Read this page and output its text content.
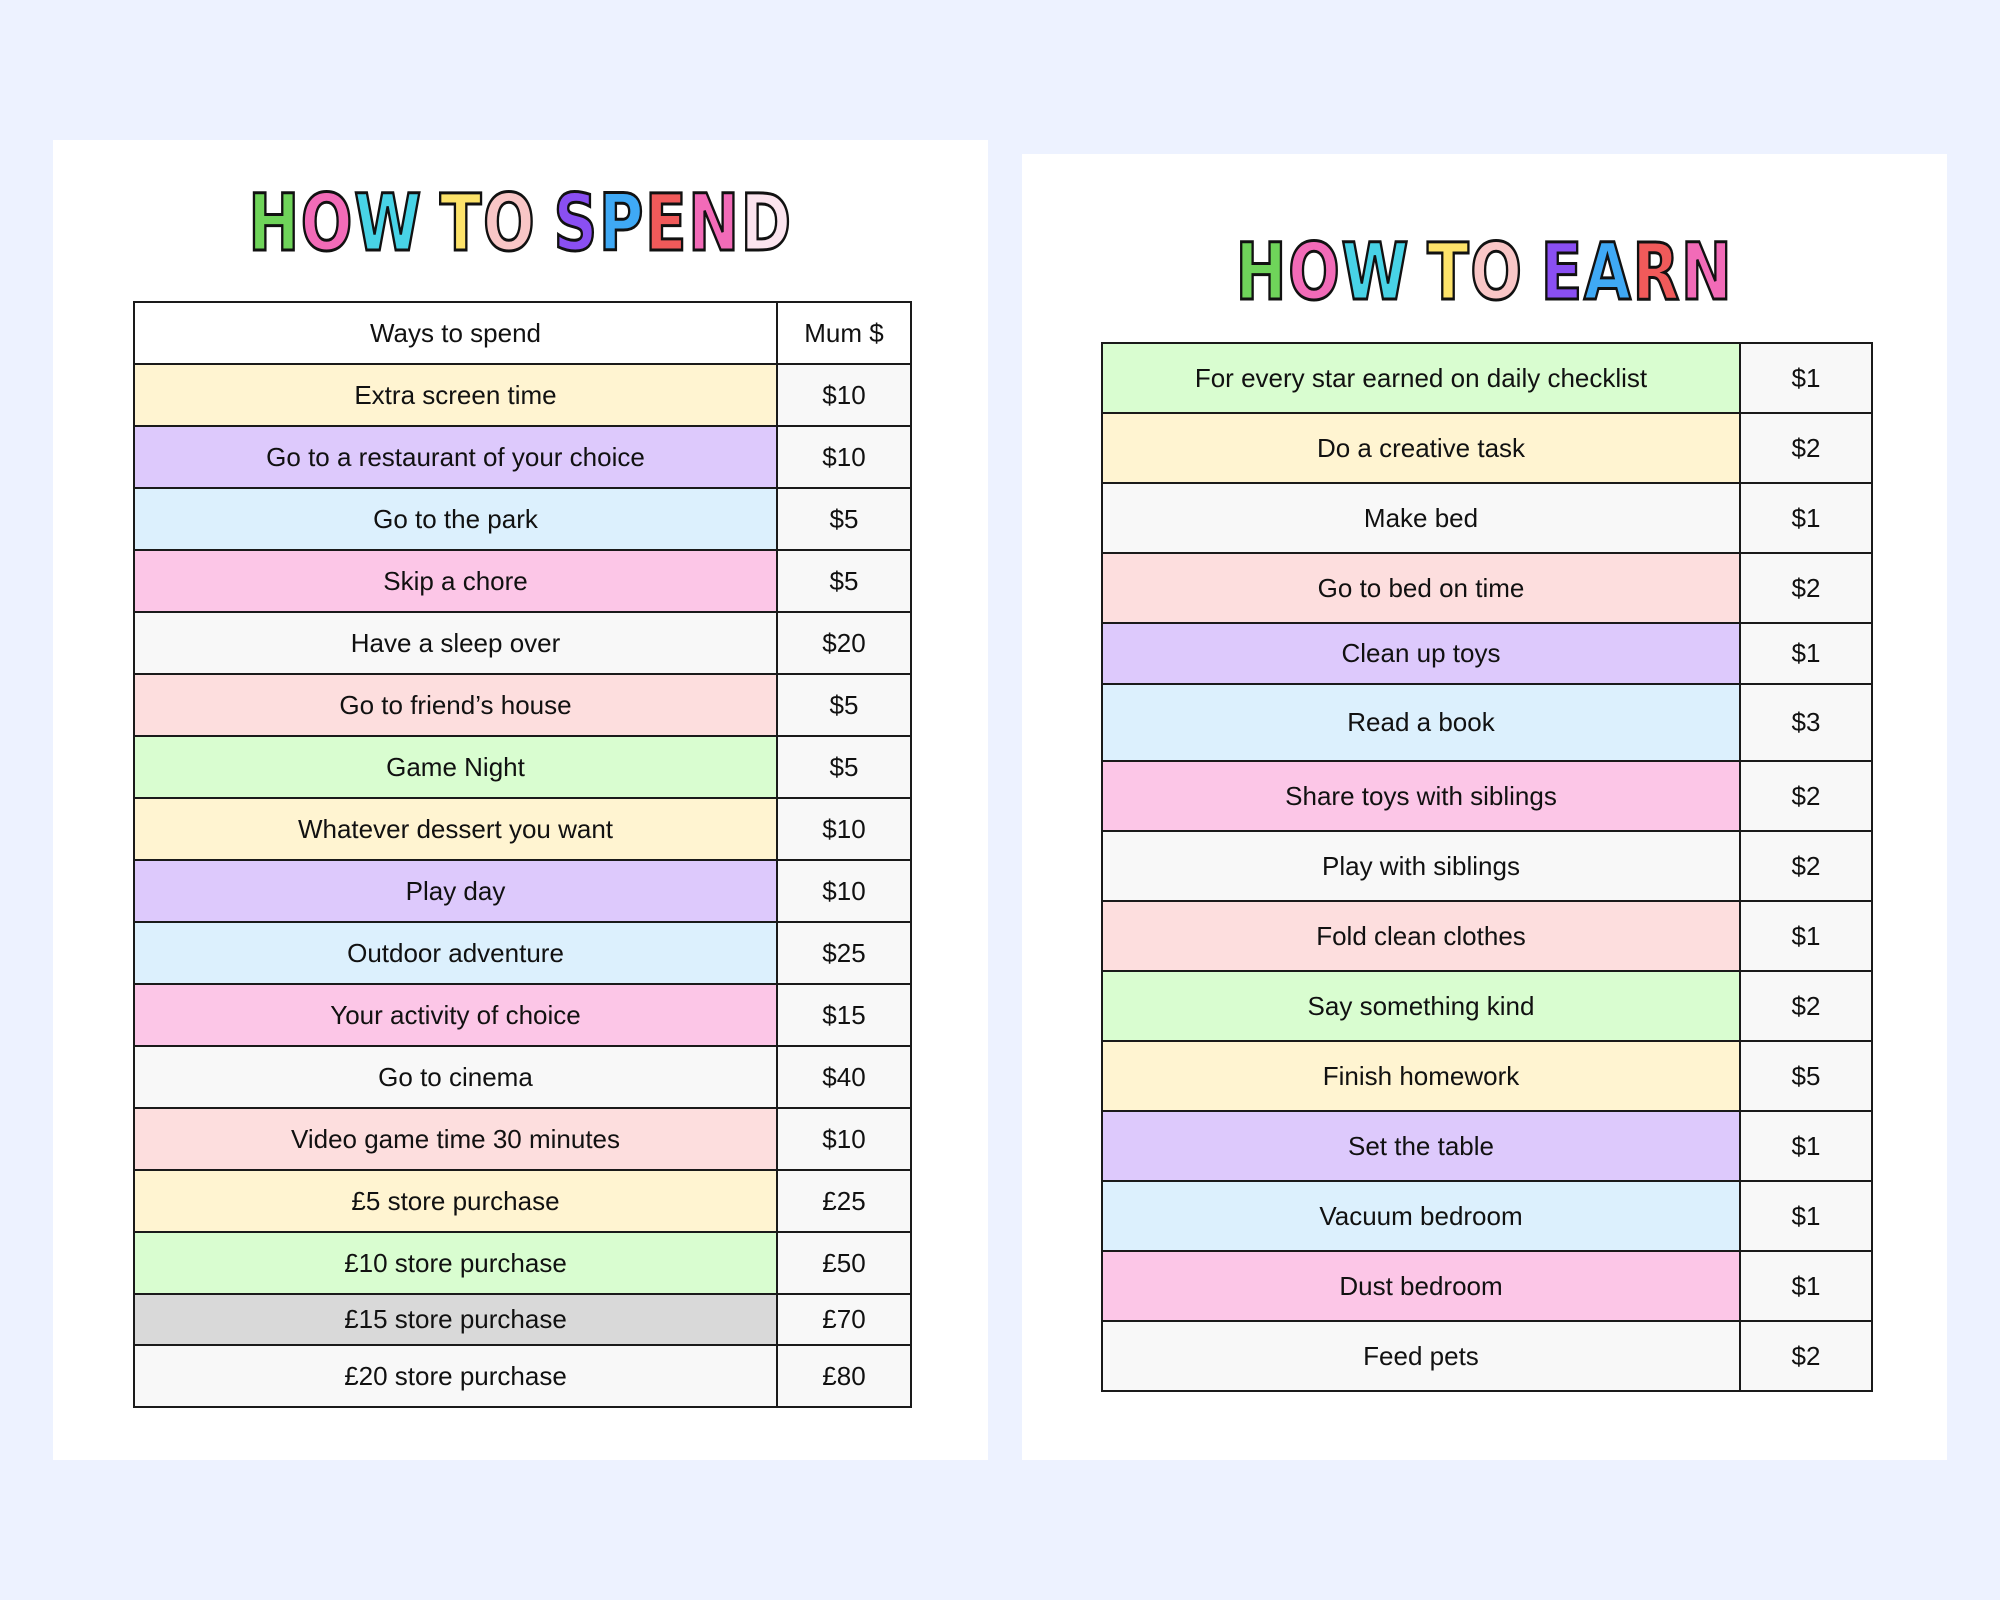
HOW TO SPEND
Ways to spend	Mum $
Extra screen time	$10
Go to a restaurant of your choice	$10
Go to the park	$5
Skip a chore	$5
Have a sleep over	$20
Go to friend’s house	$5
Game Night	$5
Whatever dessert you want	$10
Play day	$10
Outdoor adventure	$25
Your activity of choice	$15
Go to cinema	$40
Video game time 30 minutes	$10
£5 store purchase	£25
£10 store purchase	£50
£15 store purchase	£70
£20 store purchase	£80
HOW TO EARN
For every star earned on daily checklist	$1
Do a creative task	$2
Make bed	$1
Go to bed on time	$2
Clean up toys	$1
Read a book	$3
Share toys with siblings	$2
Play with siblings	$2
Fold clean clothes	$1
Say something kind	$2
Finish homework	$5
Set the table	$1
Vacuum bedroom	$1
Dust bedroom	$1
Feed pets	$2
